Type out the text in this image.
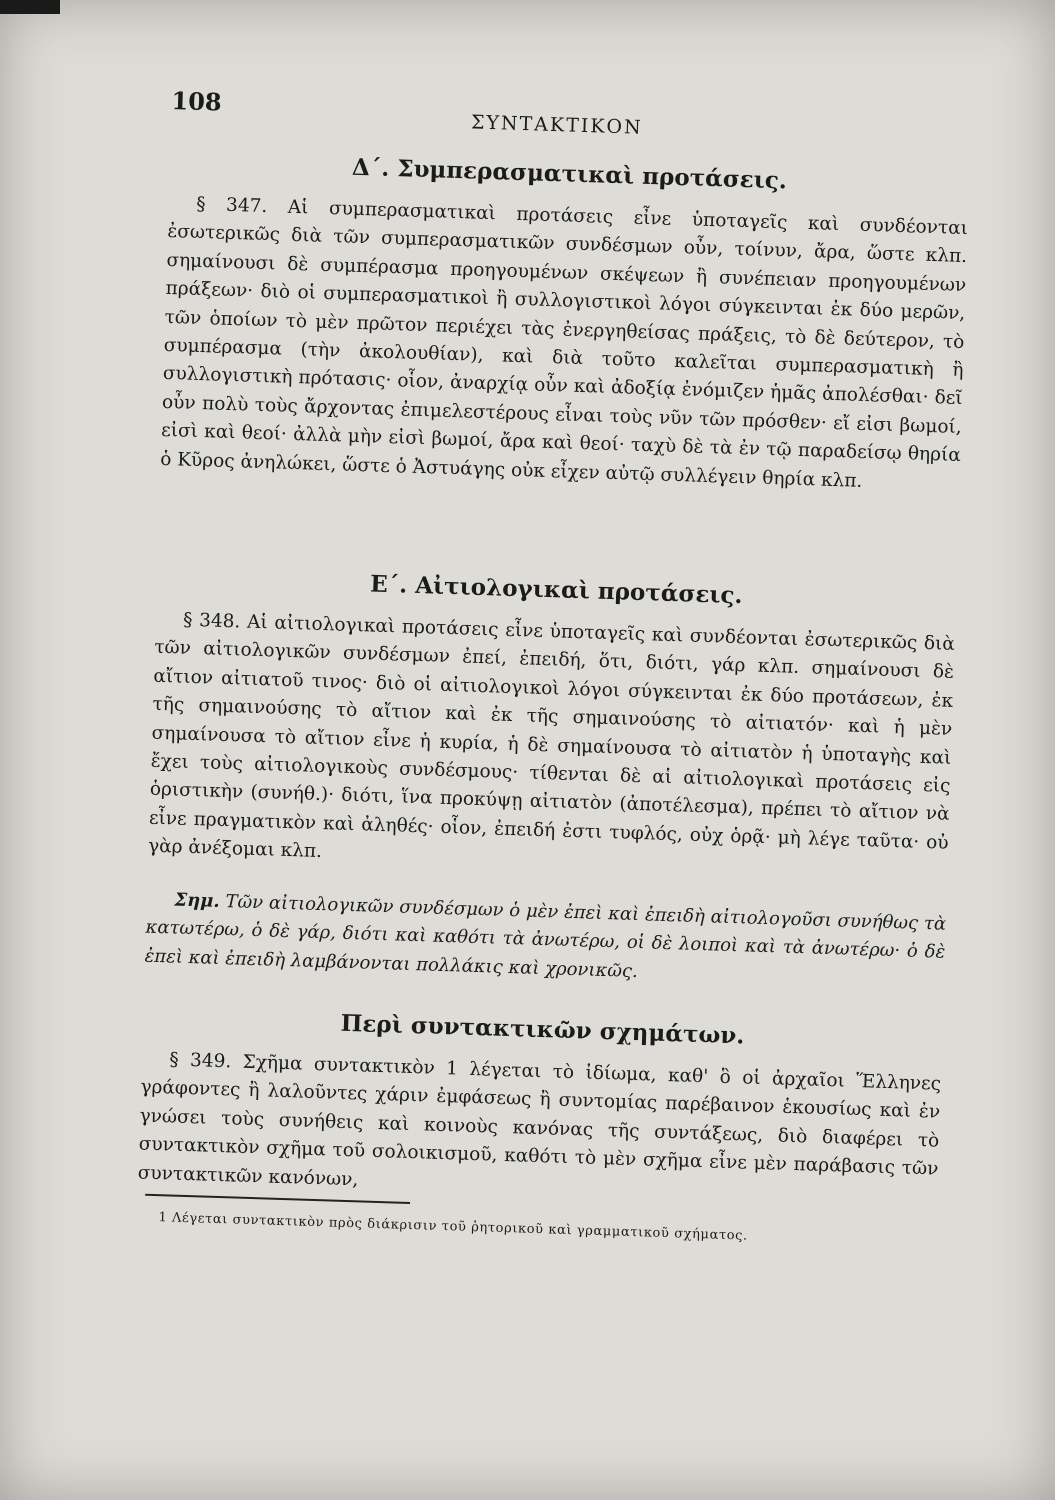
108
ΣΥΝΤΑΚΤΙΚΟΝ
Δ΄. Συμπερασματικαὶ προτάσεις.

§ 347. Αἱ συμπερασματικαὶ προτάσεις εἶνε ὑποταγεῖς καὶ συνδέονται ἐσωτερικῶς διὰ τῶν συμπερασματικῶν συνδέσμων οὖν, τοίνυν, ἄρα, ὥστε κλπ. σημαίνουσι δὲ συμπέρασμα προηγουμένων σκέψεων ἢ συνέπειαν προηγουμένων πράξεων· διὸ οἱ συμπερασματικοὶ ἢ συλλογιστικοὶ λόγοι σύγκεινται ἐκ δύο μερῶν, τῶν ὁποίων τὸ μὲν πρῶτον περιέχει τὰς ἐνεργηθείσας πράξεις, τὸ δὲ δεύτερον, τὸ συμπέρασμα (τὴν ἀκολουθίαν), καὶ διὰ τοῦτο καλεῖται συμπερασματικὴ ἢ συλλογιστικὴ πρότασις· οἷον, ἀναρχίᾳ οὖν καὶ ἀδοξίᾳ ἐνόμιζεν ἡμᾶς ἀπολέσθαι· δεῖ οὖν πολὺ τοὺς ἄρχοντας ἐπιμελεστέρους εἶναι τοὺς νῦν τῶν πρόσθεν· εἴ εἰσι βωμοί, εἰσὶ καὶ θεοί· ἀλλὰ μὴν εἰσὶ βωμοί, ἄρα καὶ θεοί· ταχὺ δὲ τὰ ἐν τῷ παραδείσῳ θηρία ὁ Κῦρος ἀνηλώκει, ὥστε ὁ Ἀστυάγης οὐκ εἶχεν αὐτῷ συλλέγειν θηρία κλπ.

Ε΄. Αἰτιολογικαὶ προτάσεις.

§ 348. Αἱ αἰτιολογικαὶ προτάσεις εἶνε ὑποταγεῖς καὶ συνδέονται ἐσωτερικῶς διὰ τῶν αἰτιολογικῶν συνδέσμων ἐπεί, ἐπειδή, ὅτι, διότι, γάρ κλπ. σημαίνουσι δὲ αἴτιον αἰτιατοῦ τινος· διὸ οἱ αἰτιολογικοὶ λόγοι σύγκεινται ἐκ δύο προτάσεων, ἐκ τῆς σημαινούσης τὸ αἴτιον καὶ ἐκ τῆς σημαινούσης τὸ αἰτιατόν· καὶ ἡ μὲν σημαίνουσα τὸ αἴτιον εἶνε ἡ κυρία, ἡ δὲ σημαίνουσα τὸ αἰτιατὸν ἡ ὑποταγὴς καὶ ἔχει τοὺς αἰτιολογικοὺς συνδέσμους· τίθενται δὲ αἱ αἰτιολογικαὶ προτάσεις εἰς ὁριστικὴν (συνήθ.)· διότι, ἵνα προκύψῃ αἰτιατὸν (ἀποτέλεσμα), πρέπει τὸ αἴτιον νὰ εἶνε πραγματικὸν καὶ ἀληθές· οἷον, ἐπειδή ἐστι τυφλός, οὐχ ὁρᾷ· μὴ λέγε ταῦτα· οὐ γὰρ ἀνέξομαι κλπ.

Σημ. Τῶν αἰτιολογικῶν συνδέσμων ὁ μὲν ἐπεὶ καὶ ἐπειδὴ αἰτιολογοῦσι συνήθως τὰ κατωτέρω, ὁ δὲ γάρ, διότι καὶ καθότι τὰ ἀνωτέρω, οἱ δὲ λοιποὶ καὶ τὰ ἀνωτέρω· ὁ δὲ ἐπεὶ καὶ ἐπειδὴ λαμβάνονται πολλάκις καὶ χρονικῶς.

Περὶ συντακτικῶν σχημάτων.

§ 349. Σχῆμα συντακτικὸν 1 λέγεται τὸ ἰδίωμα, καθ' ὃ οἱ ἀρχαῖοι Ἕλληνες γράφοντες ἢ λαλοῦντες χάριν ἐμφάσεως ἢ συντομίας παρέβαινον ἑκουσίως καὶ ἐν γνώσει τοὺς συνήθεις καὶ κοινοὺς κανόνας τῆς συντάξεως, διὸ διαφέρει τὸ συντακτικὸν σχῆμα τοῦ σολοικισμοῦ, καθότι τὸ μὲν σχῆμα εἶνε μὲν παράβασις τῶν συντακτικῶν κανόνων,

1 Λέγεται συντακτικὸν πρὸς διάκρισιν τοῦ ῥητορικοῦ καὶ γραμματικοῦ σχήματος.
